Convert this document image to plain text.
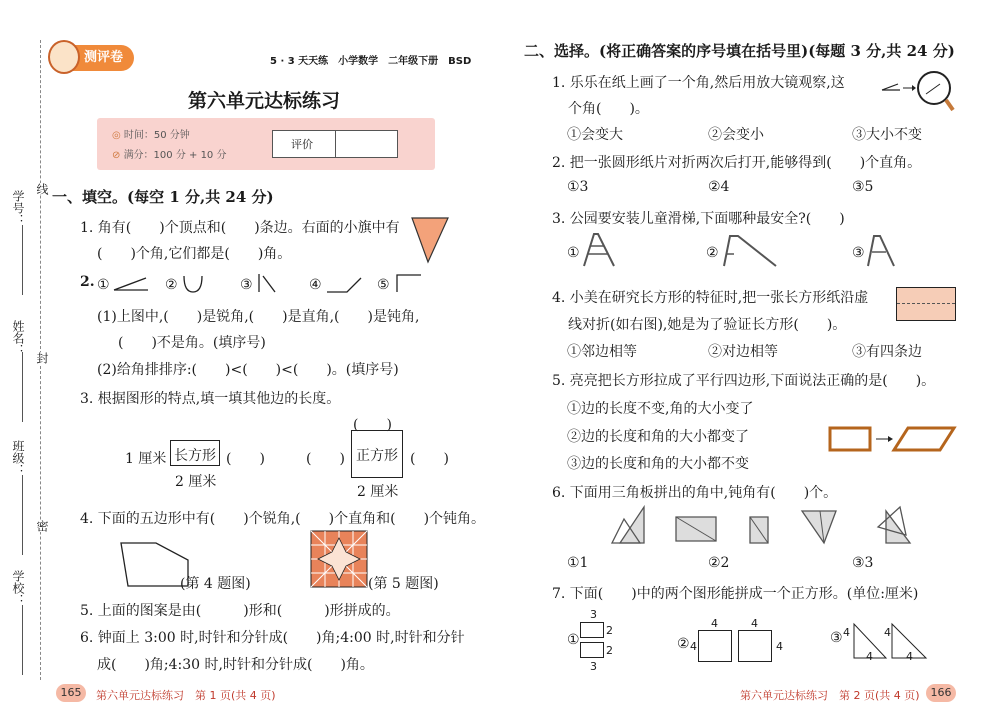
学号：
姓名：
班级：
学校：
线
封
密
测评卷	5 · 3 天天练　小学数学　二年级下册　BSD
第六单元达标练习
◎ 时间：50 分钟
⊘ 满分：100 分 + 10 分
评价
一、填空。(每空 1 分,共 24 分)
1. 角有(　　)个顶点和(　　)条边。右面的小旗中有
(　　)个角,它们都是(　　)角。
2. ①	②	③	④	⑤
(1)上图中,(　　)是锐角,(　　)是直角,(　　)是钝角,
(　　)不是角。(填序号)
(2)给角排排序:(　　)<(　　)<(　　)。(填序号)
3. 根据图形的特点,填一填其他边的长度。
1 厘米 长方形 (　　)
2 厘米
(　　)
(　　)
正方形 (　　)
2 厘米
4. 下面的五边形中有(　　)个锐角,(　　)个直角和(　　)个钝角。
(第 4 题图)	(第 5 题图)
5. 上面的图案是由(　　　)形和(　　　)形拼成的。
6. 钟面上 3:00 时,时针和分针成(　　)角;4:00 时,时针和分针
成(　　)角;4:30 时,时针和分针成(　　)角。
165	第六单元达标练习　第 1 页(共 4 页)
二、选择。(将正确答案的序号填在括号里)(每题 3 分,共 24 分)
1. 乐乐在纸上画了一个角,然后用放大镜观察,这
个角(　　)。
①会变大	②会变小	③大小不变
2. 把一张圆形纸片对折两次后打开,能够得到(　　)个直角。
①3	②4	③5
3. 公园要安装儿童滑梯,下面哪种最安全?(　　)
①	②	③
4. 小美在研究长方形的特征时,把一张长方形纸沿虚
线对折(如右图),她是为了验证长方形(　　)。
①邻边相等	②对边相等	③有四条边
5. 亮亮把长方形拉成了平行四边形,下面说法正确的是(　　)。
①边的长度不变,角的大小变了
②边的长度和角的大小都变了
③边的长度和角的大小都不变
6. 下面用三角板拼出的角中,钝角有(　　)个。
①1	②2	③3
7. 下面(　　)中的两个图形能拼成一个正方形。(单位:厘米)
①
3
2
2
3
②
4
4
4
4
③ 4
4
4
4
第六单元达标练习　第 2 页(共 4 页) 166
